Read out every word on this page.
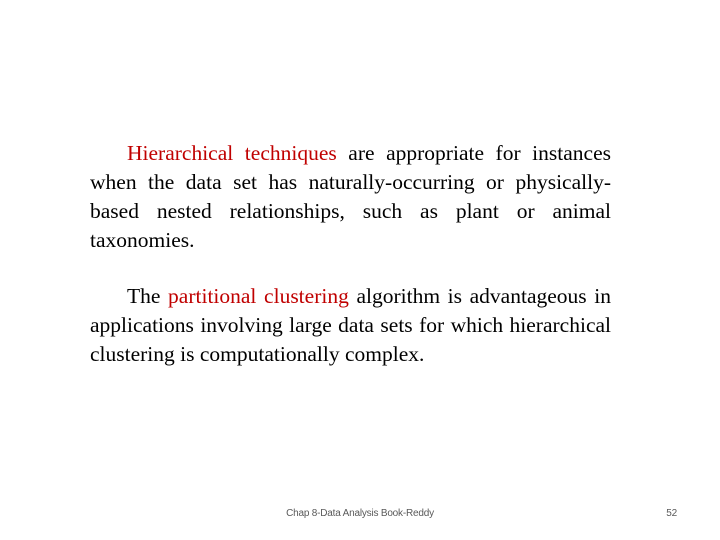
Hierarchical techniques are appropriate for instances when the data set has naturally-occurring or physically-based nested relationships, such as plant or animal taxonomies.

The partitional clustering algorithm is advantageous in applications involving large data sets for which hierarchical clustering is computationally complex.

Chap 8-Data Analysis Book-Reddy	52
